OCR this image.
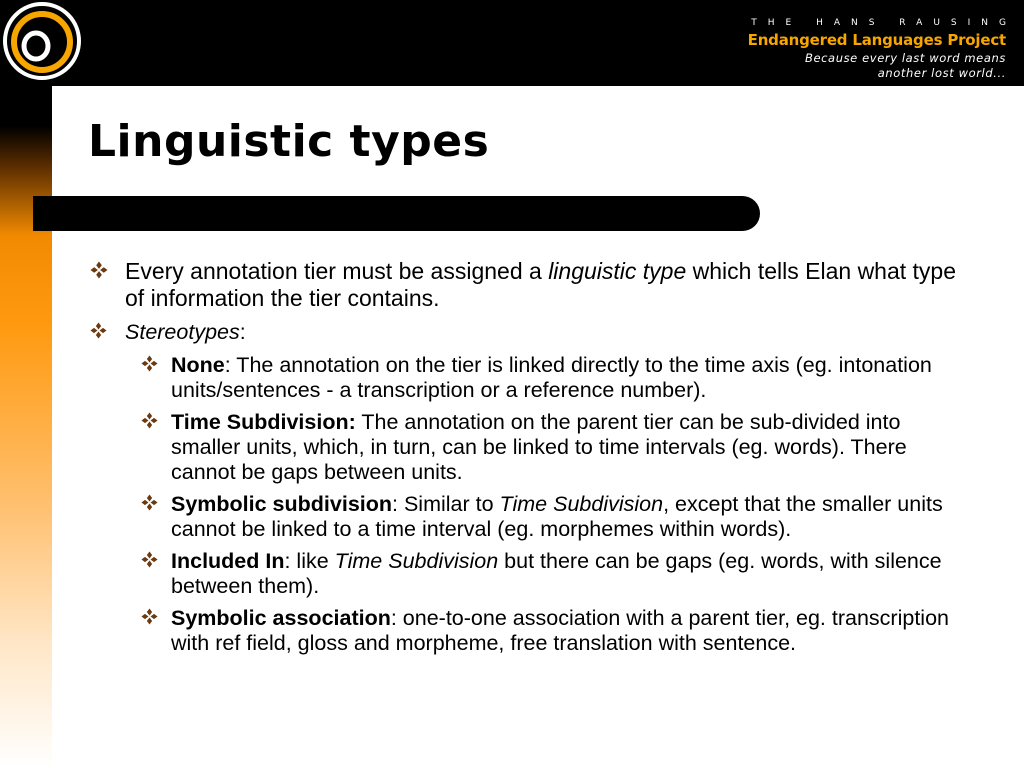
THE HANS RAUSING
Endangered Languages Project
Because every last word means
another lost world...
Linguistic types
Every annotation tier must be assigned a linguistic type which tells Elan what type of information the tier contains.
Stereotypes:
None: The annotation on the tier is linked directly to the time axis (eg. intonation units/sentences - a transcription or a reference number).
Time Subdivision: The annotation on the parent tier can be sub-divided into smaller units, which, in turn, can be linked to time intervals (eg. words). There cannot be gaps between units.
Symbolic subdivision: Similar to Time Subdivision, except that the smaller units cannot be linked to a time interval (eg. morphemes within words).
Included In: like Time Subdivision but there can be gaps (eg. words, with silence between them).
Symbolic association: one-to-one association with a parent tier, eg. transcription with ref field, gloss and morpheme, free translation with sentence.
